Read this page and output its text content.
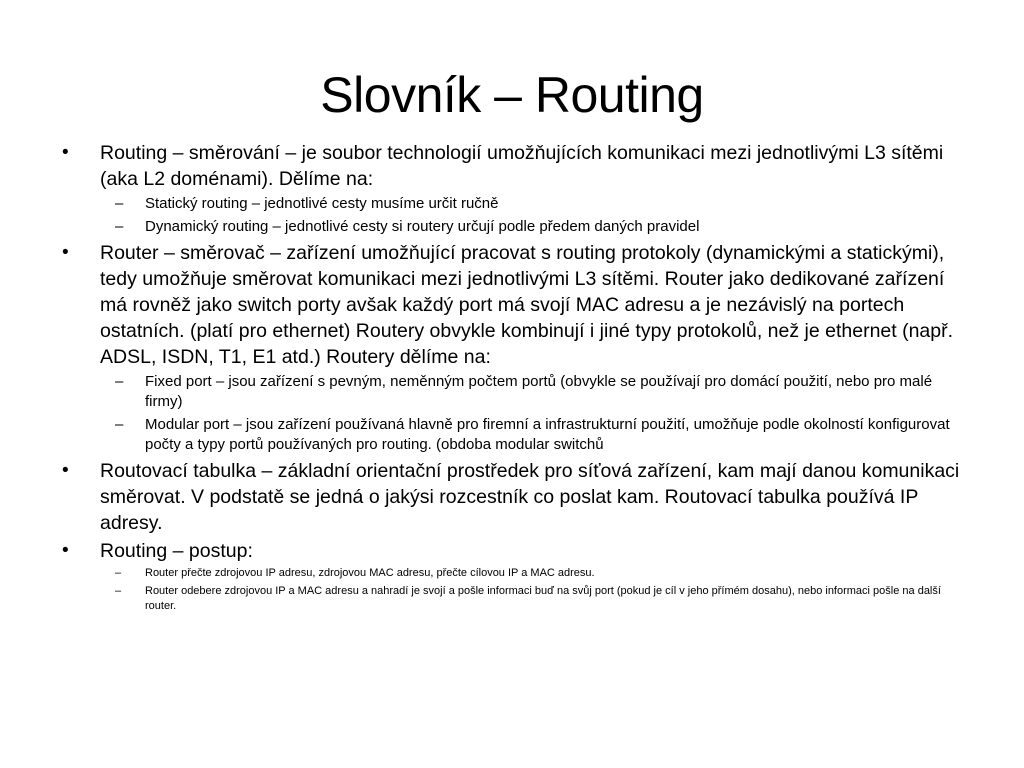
Slovník – Routing
• Routing – směrování – je soubor technologií umožňujících komunikaci mezi jednotlivými L3 sítěmi (aka L2 doménami). Dělíme na:
– Statický routing – jednotlivé cesty musíme určit ručně
– Dynamický routing – jednotlivé cesty si routery určují podle předem daných pravidel
• Router – směrovač – zařízení umožňující pracovat s routing protokoly (dynamickými a statickými), tedy umožňuje směrovat komunikaci mezi jednotlivými L3 sítěmi. Router jako dedikované zařízení má rovněž jako switch porty avšak každý port má svojí MAC adresu a je nezávislý na portech ostatních. (platí pro ethernet) Routery obvykle kombinují i jiné typy protokolů, než je ethernet (např. ADSL, ISDN, T1, E1 atd.) Routery dělíme na:
– Fixed port – jsou zařízení s pevným, neměnným počtem portů (obvykle se používají pro domácí použití, nebo pro malé firmy)
– Modular port – jsou zařízení používaná hlavně pro firemní a infrastrukturní použití, umožňuje podle okolností konfigurovat počty a typy portů používaných pro routing. (obdoba modular switchů
• Routovací tabulka – základní orientační prostředek pro síťová zařízení, kam mají danou komunikaci směrovat. V podstatě se jedná o jakýsi rozcestník co poslat kam. Routovací tabulka používá IP adresy.
• Routing – postup:
– Router přečte zdrojovou IP adresu, zdrojovou MAC adresu, přečte cílovou IP a MAC adresu.
– Router odebere zdrojovou IP a MAC adresu a nahradí je svojí a pošle informaci buď na svůj port (pokud je cíl v jeho přímém dosahu), nebo informaci pošle na další router.
